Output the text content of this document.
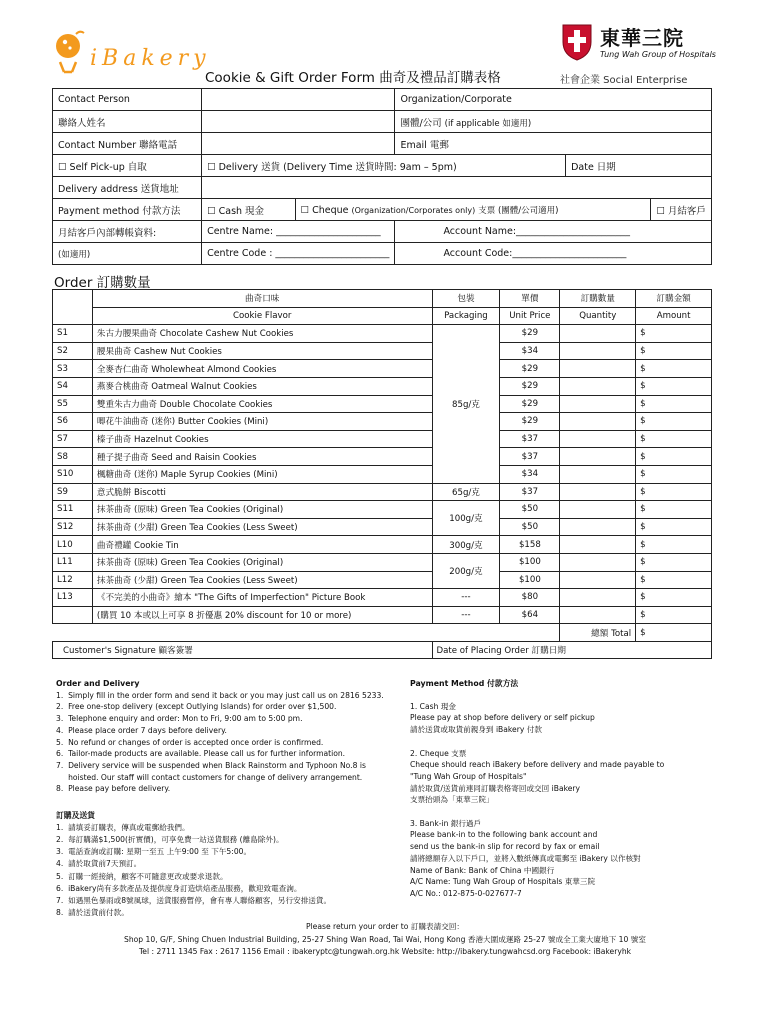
iBakery
Cookie & Gift Order Form 曲奇及禮品訂購表格
東華三院
Tung Wah Group of Hospitals
社會企業 Social Enterprise
Contact Person			Organization/Corporate		
聯絡人姓名			團體/公司 (if applicable 如適用)		
Contact Number 聯絡電話			Email 電郵		
☐ Self Pick-up 自取	☐ Delivery 送貨 (Delivery Time 送貨時間: 9am – 5pm)			Date 日期	
Delivery address 送貨地址					
Payment method 付款方法	☐ Cash 現金	☐ Cheque (Organization/Corporates only) 支票 (團體/公司適用)			☐ 月結客戶
月結客戶內部轉帳資料:	Centre Name: ______________________		Account Name:________________________		
(如適用)	Centre Code : ________________________		Account Code:________________________		
Order 訂購數量
	曲奇口味	包裝	單價	訂購數量	訂購金額
	Cookie Flavor	Packaging	Unit Price	Quantity	Amount
S1	朱古力腰果曲奇 Chocolate Cashew Nut Cookies	85g/克	$29		$
S2	腰果曲奇 Cashew Nut Cookies		$34		$
S3	全麥杏仁曲奇 Wholewheat Almond Cookies		$29		$
S4	燕麥合桃曲奇 Oatmeal Walnut Cookies		$29		$
S5	雙重朱古力曲奇 Double Chocolate Cookies		$29		$
S6	唧花牛油曲奇 (迷你) Butter Cookies (Mini)		$29		$
S7	榛子曲奇 Hazelnut Cookies		$37		$
S8	種子提子曲奇 Seed and Raisin Cookies		$37		$
S10	楓糖曲奇 (迷你) Maple Syrup Cookies (Mini)		$34		$
S9	意式脆餅 Biscotti	65g/克	$37		$
S11	抹茶曲奇 (原味) Green Tea Cookies (Original)	100g/克	$50		$
S12	抹茶曲奇 (少甜) Green Tea Cookies (Less Sweet)		$50		$
L10	曲奇禮罐 Cookie Tin	300g/克	$158		$
L11	抹茶曲奇 (原味) Green Tea Cookies (Original)	200g/克	$100		$
L12	抹茶曲奇 (少甜) Green Tea Cookies (Less Sweet)		$100		$
L13	《不完美的小曲奇》繪本 "The Gifts of Imperfection" Picture Book	---	$80		$
	(購買 10 本或以上可享 8 折優惠 20% discount for 10 or more)	---	$64		$
				總額 Total	$
Customer's Signature 顧客簽署		Date of Placing Order 訂購日期			
Order and Delivery
1.  Simply fill in the order form and send it back or you may just call us on 2816 5233.
2.  Free one-stop delivery (except Outlying Islands) for order over $1,500.
3.  Telephone enquiry and order: Mon to Fri, 9:00 am to 5:00 pm.
4.  Please place order 7 days before delivery.
5.  No refund or changes of order is accepted once order is confirmed.
6.  Tailor-made products are available. Please call us for further information.
7.  Delivery service will be suspended when Black Rainstorm and Typhoon No.8 is
hoisted. Our staff will contact customers for change of delivery arrangement.
8.  Please pay before delivery.
訂購及送貨
1.  請填妥訂購表，傳真或電郵給我們。
2.  每訂購滿$1,500(折實價)，可享免費一站送貨服務 (離島除外)。
3.  電話查詢或訂購: 星期一至五 上午9:00 至 下午5:00。
4.  請於取貨前7天預訂。
5.  訂購一經接納，顧客不可隨意更改或要求退款。
6.  iBakery尚有多款產品及提供度身訂造烘焙產品服務，歡迎致電查詢。
7.  如遇黑色暴雨或8號風球，送貨服務暫停，會有專人聯絡顧客，另行安排送貨。
8.  請於送貨前付款。
Payment Method 付款方法
1. Cash 現金
Please pay at shop before delivery or self pickup
請於送貨或取貨前親身到 iBakery 付款
2. Cheque 支票
Cheque should reach iBakery before delivery and made payable to
"Tung Wah Group of Hospitals"
請於取貨/送貨前連同訂購表格寄回或交回 iBakery
支票抬頭為「東華三院」
3. Bank-in 銀行過戶
Please bank-in to the following bank account and
send us the bank-in slip for record by fax or email
請將總額存入以下戶口，並將入數紙傳真或電郵至 iBakery 以作核對
Name of Bank: Bank of China 中國銀行
A/C Name: Tung Wah Group of Hospitals 東華三院
A/C No.: 012-875-0-027677-7
Please return your order to 訂購表請交回：
Shop 10, G/F, Shing Chuen Industrial Building, 25-27 Shing Wan Road, Tai Wai, Hong Kong 香港大圍成運路 25-27 號成全工業大廈地下 10 號室
Tel : 2711 1345 Fax : 2617 1156 Email : ibakeryptc@tungwah.org.hk Website: http://ibakery.tungwahcsd.org Facebook: iBakeryhk
